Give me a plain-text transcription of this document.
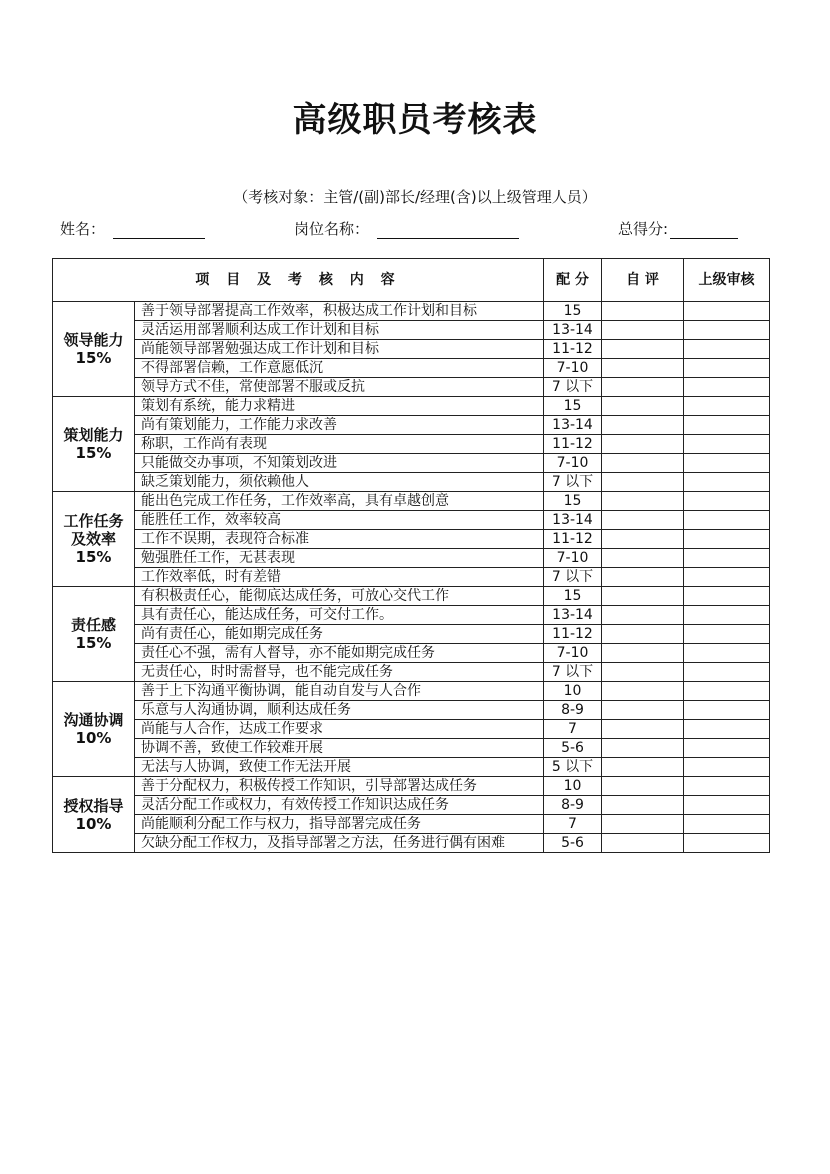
高级职员考核表
（考核对象：主管/(副)部长/经理(含)以上级管理人员）
姓名：	岗位名称：	总得分:
项 目 及 考 核 内 容		配 分	自 评	上级审核
领导能力
15%	善于领导部署提高工作效率，积极达成工作计划和目标	15		
	灵活运用部署顺利达成工作计划和目标	13-14		
	尚能领导部署勉强达成工作计划和目标	11-12		
	不得部署信赖，工作意愿低沉	7-10		
	领导方式不佳，常使部署不服或反抗	7 以下		
策划能力
15%	策划有系统，能力求精进	15		
	尚有策划能力，工作能力求改善	13-14		
	称职，工作尚有表现	11-12		
	只能做交办事项，不知策划改进	7-10		
	缺乏策划能力，须依赖他人	7 以下		
工作任务及效率
15%	能出色完成工作任务，工作效率高，具有卓越创意	15		
	能胜任工作，效率较高	13-14		
	工作不误期，表现符合标准	11-12		
	勉强胜任工作，无甚表现	7-10		
	工作效率低，时有差错	7 以下		
责任感
15%	有积极责任心，能彻底达成任务，可放心交代工作	15		
	具有责任心，能达成任务，可交付工作。	13-14		
	尚有责任心，能如期完成任务	11-12		
	责任心不强，需有人督导，亦不能如期完成任务	7-10		
	无责任心，时时需督导，也不能完成任务	7 以下		
沟通协调
10%	善于上下沟通平衡协调，能自动自发与人合作	10		
	乐意与人沟通协调，顺利达成任务	8-9		
	尚能与人合作，达成工作要求	7		
	协调不善，致使工作较难开展	5-6		
	无法与人协调，致使工作无法开展	5 以下		
授权指导
10%	善于分配权力，积极传授工作知识，引导部署达成任务	10		
	灵活分配工作或权力，有效传授工作知识达成任务	8-9		
	尚能顺利分配工作与权力，指导部署完成任务	7		
	欠缺分配工作权力，及指导部署之方法，任务进行偶有困难	5-6		
